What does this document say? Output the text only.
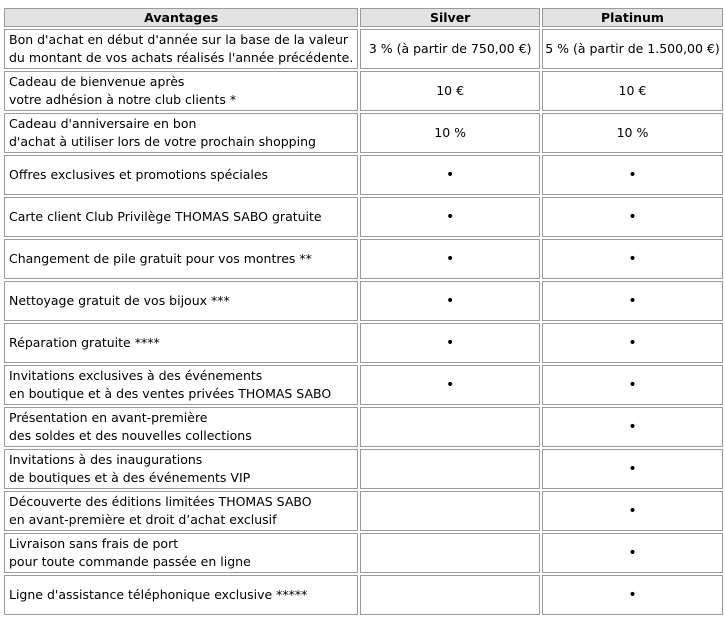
Avantages	Silver	Platinum

Bon d'achat en début d'année sur la base de la valeur
du montant de vos achats réalisés l'année précédente.	3 % (à partir de 750,00 €)	5 % (à partir de 1.500,00 €)

Cadeau de bienvenue après
votre adhésion à notre club clients *	10 €	10 €

Cadeau d'anniversaire en bon
d'achat à utiliser lors de votre prochain shopping	10 %	10 %

Offres exclusives et promotions spéciales	•	•

Carte client Club Privilège THOMAS SABO gratuite	•	•

Changement de pile gratuit pour vos montres **	•	•

Nettoyage gratuit de vos bijoux ***	•	•

Réparation gratuite ****	•	•

Invitations exclusives à des événements
en boutique et à des ventes privées THOMAS SABO	•	•

Présentation en avant-première
des soldes et des nouvelles collections		•

Invitations à des inaugurations
de boutiques et à des événements VIP		•

Découverte des éditions limitées THOMAS SABO
en avant-première et droit d’achat exclusif		•

Livraison sans frais de port
pour toute commande passée en ligne		•

Ligne d'assistance téléphonique exclusive *****		•
